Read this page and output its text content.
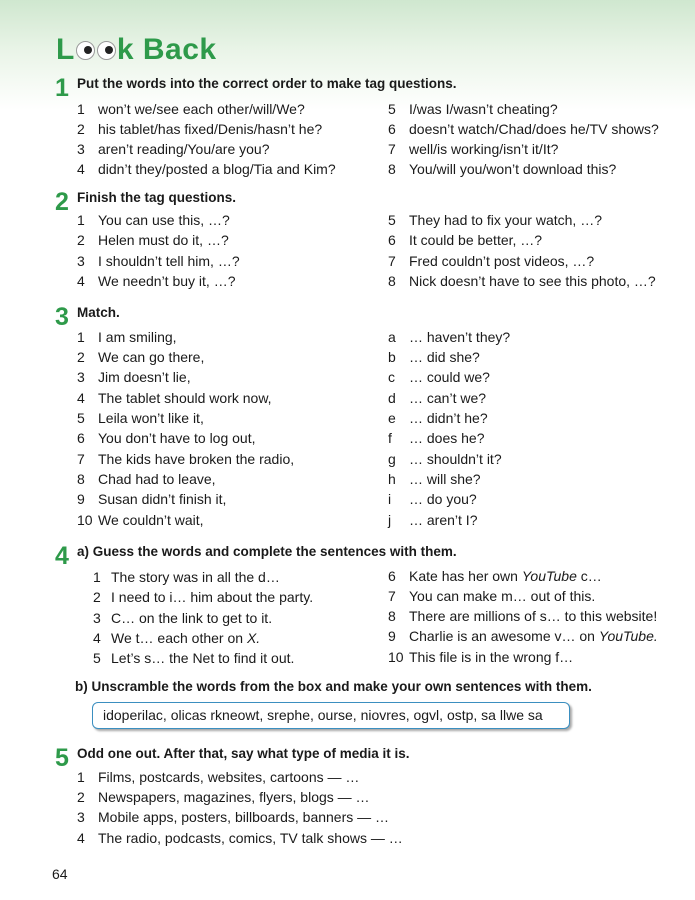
L k Back
1 Put the words into the correct order to make tag questions.
1 won’t we/see each other/will/We?
2 his tablet/has fixed/Denis/hasn’t he?
3 aren’t reading/You/are you?
4 didn’t they/posted a blog/Tia and Kim?
5 I/was I/wasn’t cheating?
6 doesn’t watch/Chad/does he/TV shows?
7 well/is working/isn’t it/It?
8 You/will you/won’t download this?
2 Finish the tag questions.
1 You can use this, …?
2 Helen must do it, …?
3 I shouldn’t tell him, …?
4 We needn’t buy it, …?
5 They had to fix your watch, …?
6 It could be better, …?
7 Fred couldn’t post videos, …?
8 Nick doesn’t have to see this photo, …?
3 Match.
1 I am smiling,
2 We can go there,
3 Jim doesn’t lie,
4 The tablet should work now,
5 Leila won’t like it,
6 You don’t have to log out,
7 The kids have broken the radio,
8 Chad had to leave,
9 Susan didn’t finish it,
10 We couldn’t wait,
a … haven’t they?
b … did she?
c … could we?
d … can’t we?
e … didn’t he?
f … does he?
g … shouldn’t it?
h … will she?
i … do you?
j … aren’t I?
4 a) Guess the words and complete the sentences with them.
1 The story was in all the d…
2 I need to i… him about the party.
3 C… on the link to get to it.
4 We t… each other on X.
5 Let’s s… the Net to find it out.
6 Kate has her own YouTube c…
7 You can make m… out of this.
8 There are millions of s… to this website!
9 Charlie is an awesome v… on YouTube.
10 This file is in the wrong f…
b) Unscramble the words from the box and make your own sentences with them.
idoperilac, olicas rkneowt, srephe, ourse, niovres, ogvl, ostp, sa llwe sa
5 Odd one out. After that, say what type of media it is.
1 Films, postcards, websites, cartoons — …
2 Newspapers, magazines, flyers, blogs — …
3 Mobile apps, posters, billboards, banners — …
4 The radio, podcasts, comics, TV talk shows — …
64
